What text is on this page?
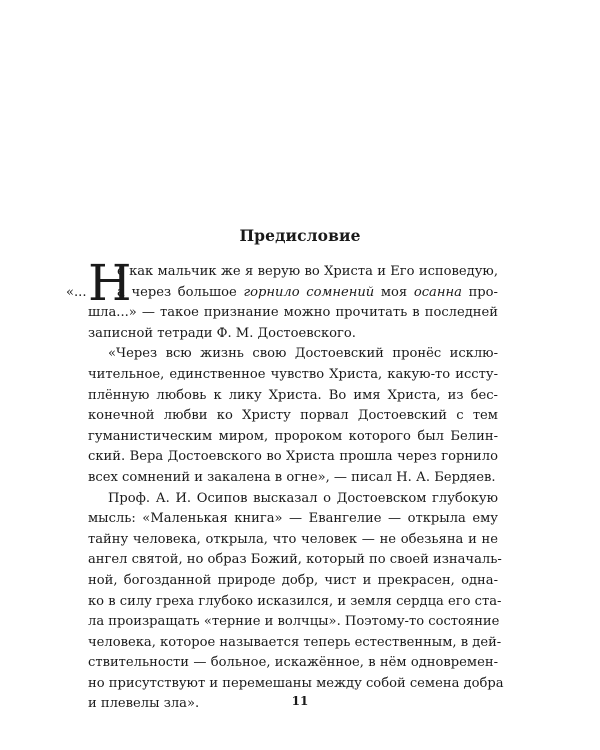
Предисловие
Н
е как мальчик же я верую во Христа и Его исповедую,
«... а через большое горнило сомнений моя осанна про-
шла...» — такое признание можно прочитать в последней
записной тетради Ф. М. Достоевского.
«Через всю жизнь свою Достоевский пронёс исклю-
чительное, единственное чувство Христа, какую-то иссту-
плённую любовь к лику Христа. Во имя Христа, из бес-
конечной любви ко Христу порвал Достоевский с тем
гуманистическим миром, пророком которого был Белин-
ский. Вера Достоевского во Христа прошла через горнило
всех сомнений и закалена в огне», — писал Н. А. Бердяев.
Проф. А. И. Осипов высказал о Достоевском глубокую
мысль: «Маленькая книга» — Евангелие — открыла ему
тайну человека, открыла, что человек — не обезьяна и не
ангел святой, но образ Божий, который по своей изначаль-
ной, богозданной природе добр, чист и прекрасен, одна-
ко в силу греха глубоко исказился, и земля сердца его ста-
ла произращать «терние и волчцы». Поэтому-то состояние
человека, которое называется теперь естественным, в дей-
ствительности — больное, искажённое, в нём одновремен-
но присутствуют и перемешаны между собой семена добра
и плевелы зла».	11
